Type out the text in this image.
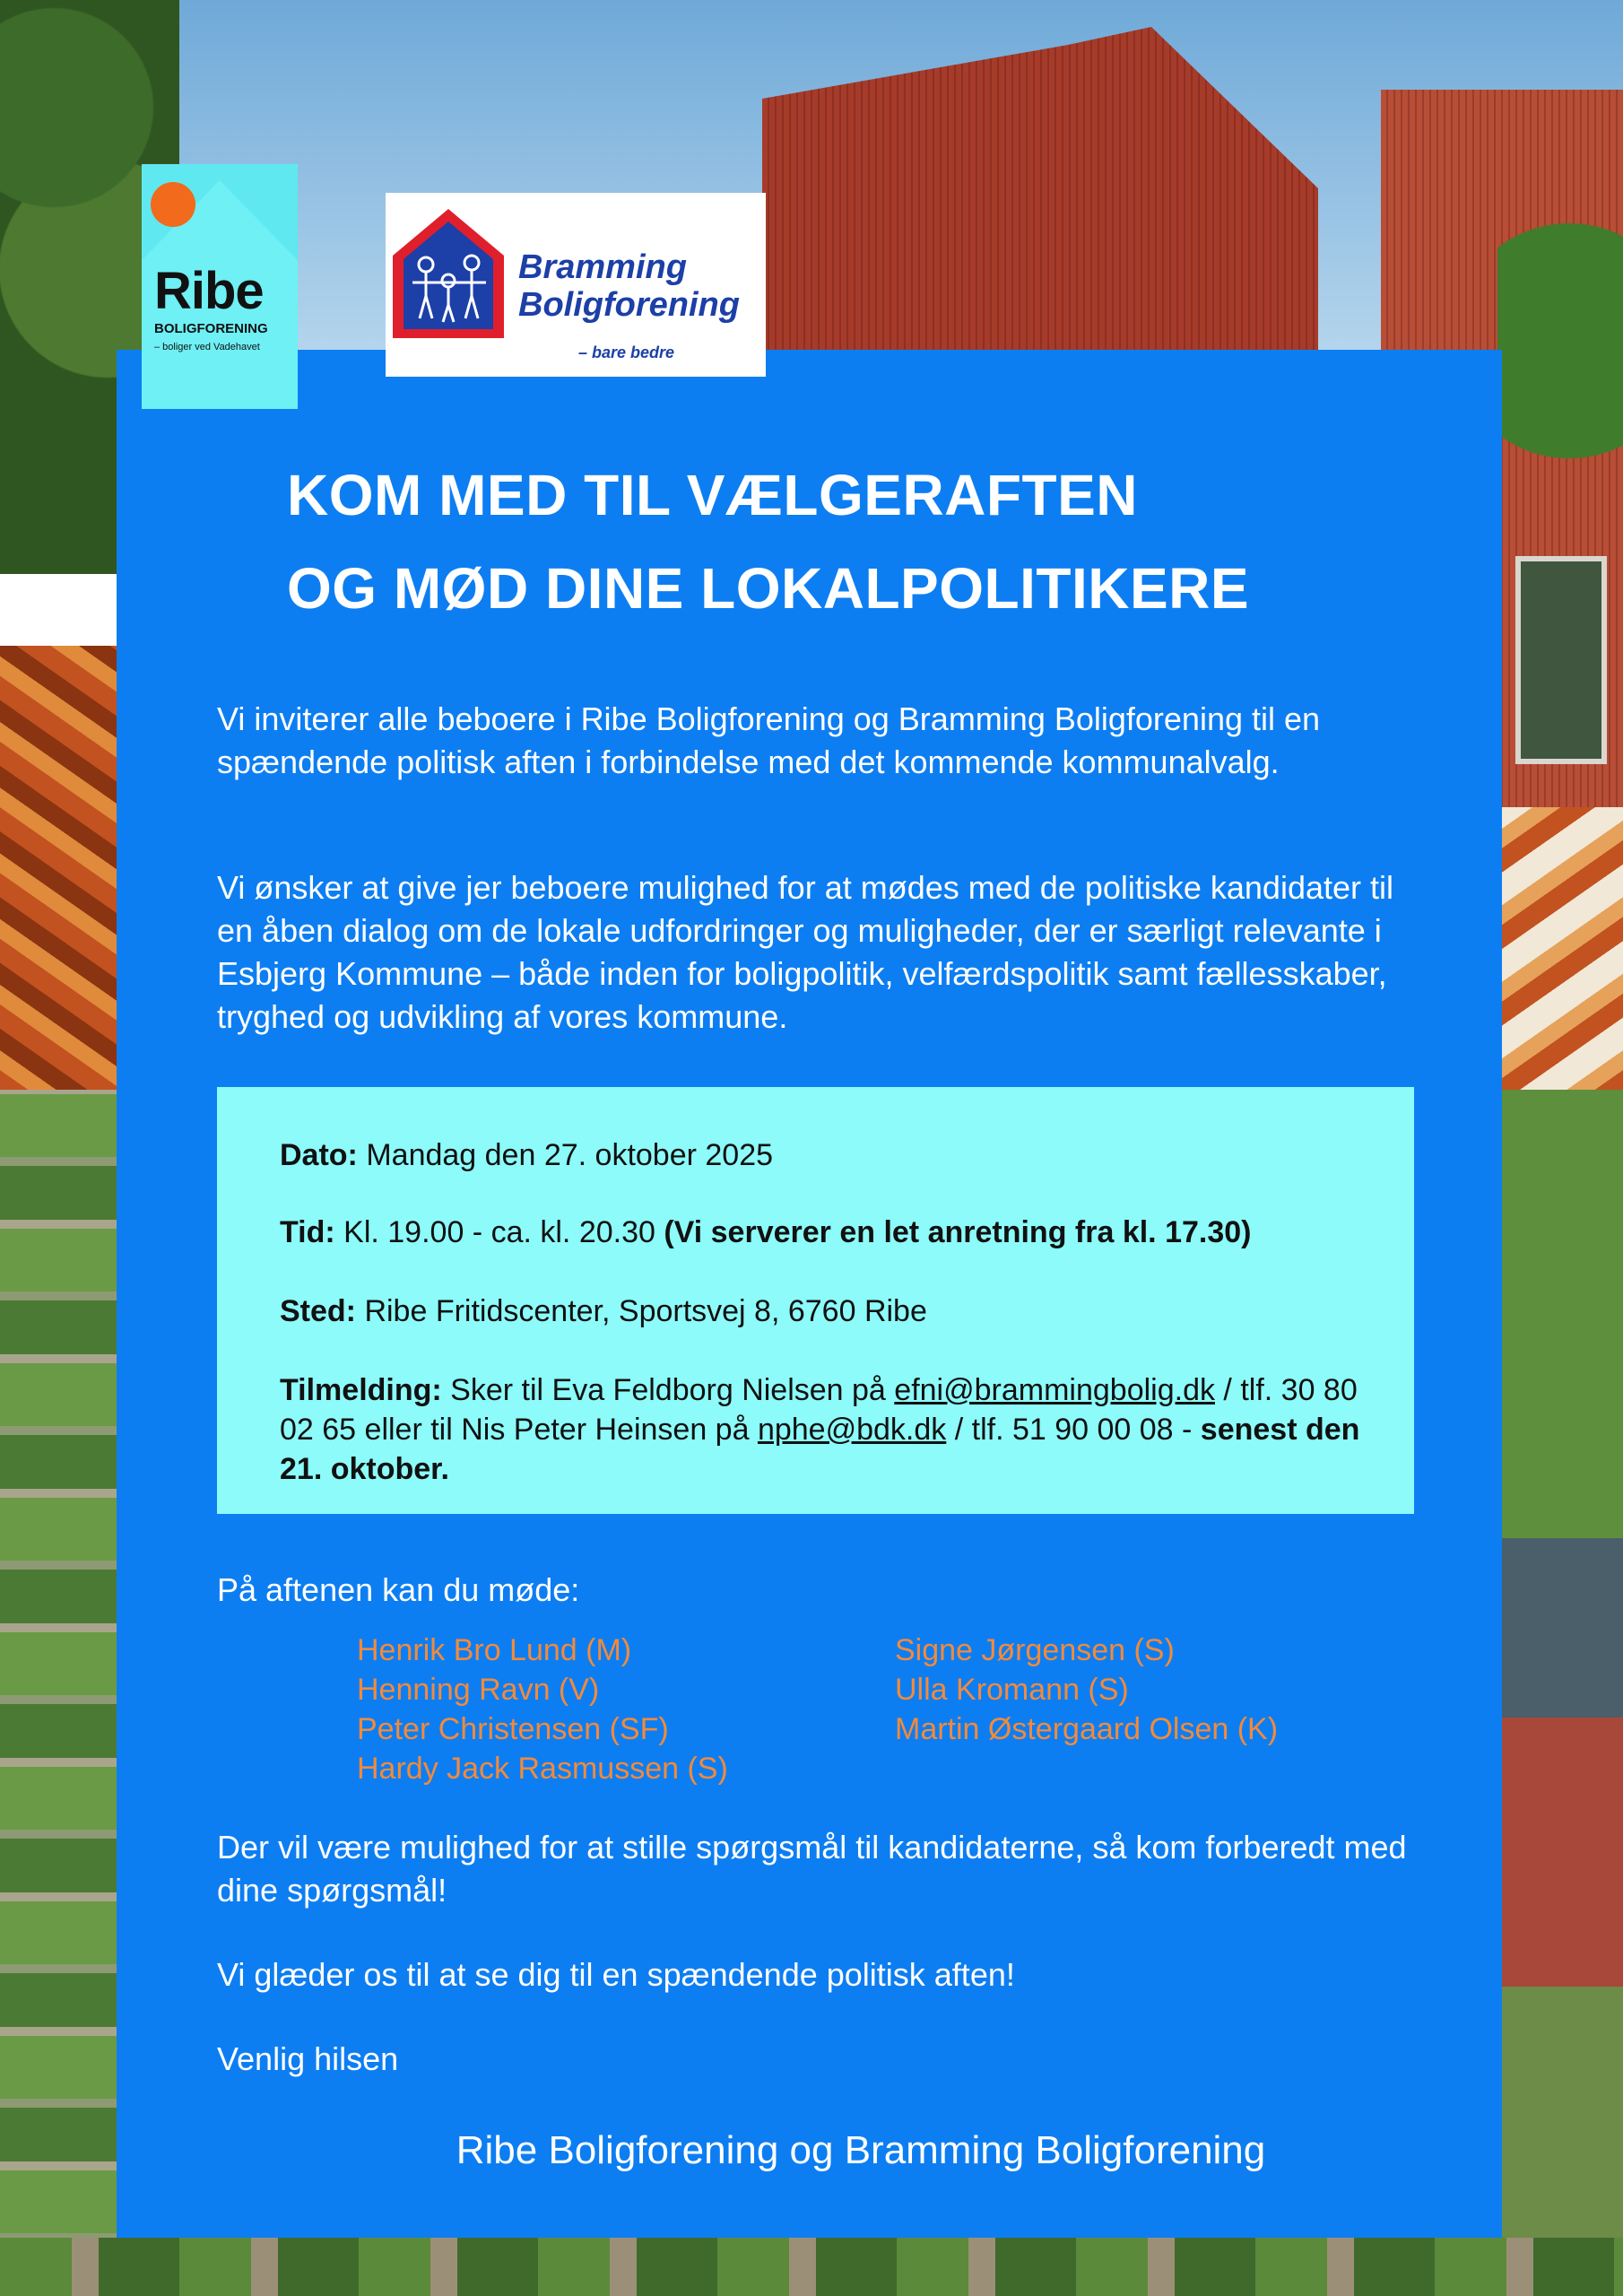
Ribe
BOLIGFORENING
– boliger ved Vadehavet
Bramming
Boligforening
– bare bedre
KOM MED TIL VÆLGERAFTEN
OG MØD DINE LOKALPOLITIKERE

Vi inviterer alle beboere i Ribe Boligforening og Bramming Boligforening til en spændende politisk aften i forbindelse med det kommende kommunalvalg.

Vi ønsker at give jer beboere mulighed for at mødes med de politiske kandidater til en åben dialog om de lokale udfordringer og muligheder, der er særligt relevante i Esbjerg Kommune – både inden for boligpolitik, velfærdspolitik samt fællesskaber, tryghed og udvikling af vores kommune.

Dato: Mandag den 27. oktober 2025
Tid: Kl. 19.00 - ca. kl. 20.30 (Vi serverer en let anretning fra kl. 17.30)
Sted: Ribe Fritidscenter, Sportsvej 8, 6760 Ribe
Tilmelding: Sker til Eva Feldborg Nielsen på efni@brammingbolig.dk / tlf. 30 80 02 65 eller til Nis Peter Heinsen på nphe@bdk.dk / tlf. 51 90 00 08 - senest den 21. oktober.
På aftenen kan du møde:
Henrik Bro Lund (M)
Henning Ravn (V)
Peter Christensen (SF)
Hardy Jack Rasmussen (S)
Signe Jørgensen (S)
Ulla Kromann (S)
Martin Østergaard Olsen (K)

Der vil være mulighed for at stille spørgsmål til kandidaterne, så kom forberedt med dine spørgsmål!

Vi glæder os til at se dig til en spændende politisk aften!

Venlig hilsen

Ribe Boligforening og Bramming Boligforening
